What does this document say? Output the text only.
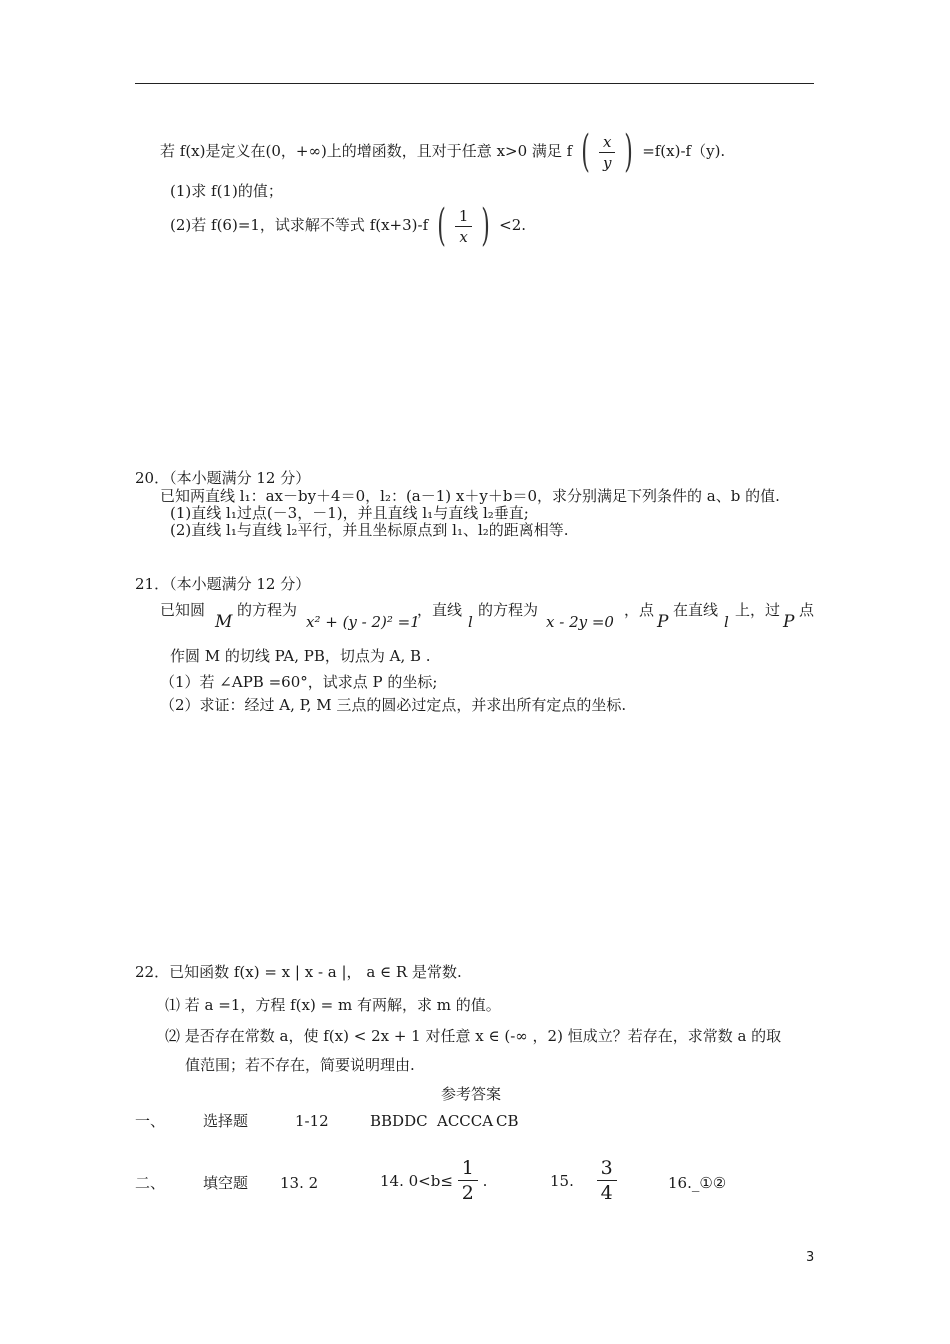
若 f(x)是定义在(0，+∞)上的增函数，且对于任意 x>0 满足 f ( $\frac{x}{y}$ ) =f(x)-f（y).
(1)求 f(1)的值；
(2)若 f(6)=1，试求解不等式 f(x+3)-f ( $\frac{1}{x}$ ) <2.
20．（本小题满分 12 分）
已知两直线 l₁：ax－by＋4＝0，l₂：(a－1) x＋y＋b＝0，求分别满足下列条件的 a、b 的值.
(1)直线 l₁过点(－3，－1)，并且直线 l₁与直线 l₂垂直;
(2)直线 l₁与直线 l₂平行，并且坐标原点到 l₁、l₂的距离相等.
21．（本小题满分 12 分）
已知圆
M
的方程为
x² + (y - 2)² =1
，直线
l
的方程为
x - 2y =0
，点
P
在直线
l
上，过
P
点
作圆 M 的切线 PA, PB，切点为 A, B .
（1）若 ∠APB =60°，试求点 P 的坐标;
（2）求证：经过 A, P, M 三点的圆必过定点，并求出所有定点的坐标.
22．已知函数 f(x) = x | x - a |， a ∈ R 是常数.
⑴ 若 a =1，方程 f(x) = m 有两解，求 m 的值。
⑵ 是否存在常数 a，使 f(x) < 2x + 1 对任意 x ∈ (-∞ ，2) 恒成立？若存在，求常数 a 的取
值范围；若不存在，简要说明理由.
参考答案
一、	选择题	1-12	BBDDC ACCCA CB
二、	填空题 13. 2	14. $0<b\le \frac{1}{2}$ .	15. $\frac{3}{4}$	16._①②
3
